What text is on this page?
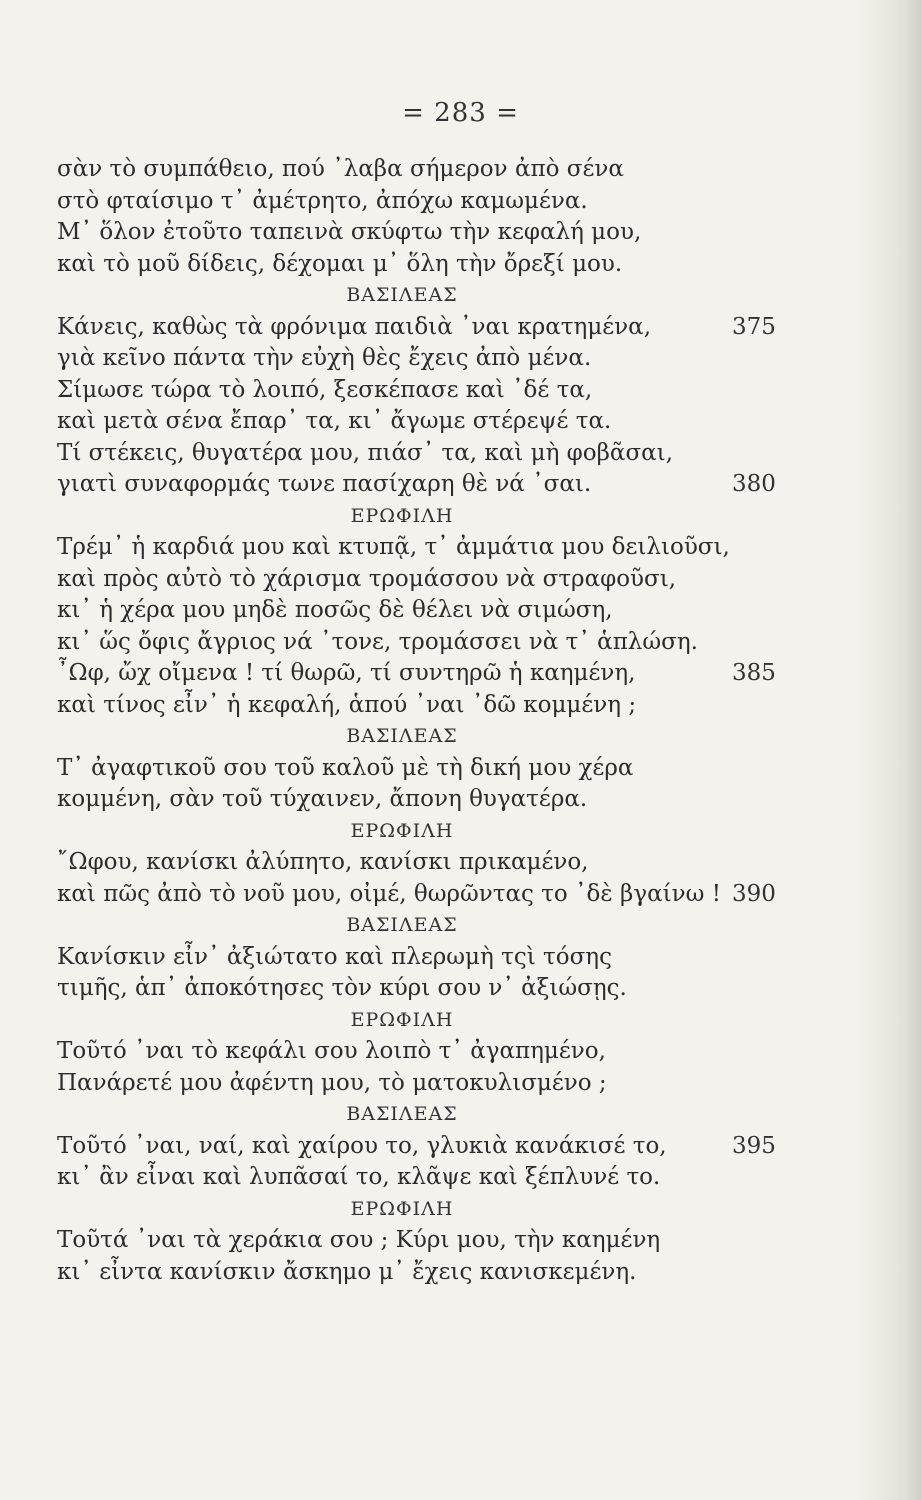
= 283 =
σὰν τὸ συμπάθειο, πού ᾿λαβα σήμερον ἀπὸ σένα
στὸ φταίσιμο τ᾿ ἀμέτρητο, ἀπόχω καμωμένα.
Μ᾿ ὅλον ἐτοῦτο ταπεινὰ σκύφτω τὴν κεφαλή μου,
καὶ τὸ μοῦ δίδεις, δέχομαι μ᾿ ὅλη τὴν ὄρεξί μου.
ΒΑΣΙΛΕΑΣ
Κάνεις, καθὼς τὰ φρόνιμα παιδιὰ ᾿ναι κρατημένα,	375
γιὰ κεῖνο πάντα τὴν εὐχὴ θὲς ἔχεις ἀπὸ μένα.
Σίμωσε τώρα τὸ λοιπό, ξεσκέπασε καὶ ᾿δέ τα,
καὶ μετὰ σένα ἔπαρ᾿ τα, κι᾿ ἄγωμε στέρεψέ τα.
Τί στέκεις, θυγατέρα μου, πιάσ᾿ τα, καὶ μὴ φοβᾶσαι,
γιατὶ συναφορμάς τωνε πασίχαρη θὲ νά ᾿σαι.	380
ΕΡΩΦΙΛΗ
Τρέμ᾿ ἡ καρδιά μου καὶ κτυπᾷ, τ᾿ ἀμμάτια μου δειλιοῦσι,
καὶ πρὸς αὐτὸ τὸ χάρισμα τρομάσσου νὰ στραφοῦσι,
κι᾿ ἡ χέρα μου μηδὲ ποσῶς δὲ θέλει νὰ σιμώση,
κι᾿ ὥς ὄφις ἄγριος νά ᾿τονε, τρομάσσει νὰ τ᾿ ἁπλώση.
῏Ωφ, ὤχ οἴμενα ! τί θωρῶ, τί συντηρῶ ἡ καημένη,	385
καὶ τίνος εἶν᾿ ἡ κεφαλή, ἁπού ᾿ναι ᾿δῶ κομμένη ;
ΒΑΣΙΛΕΑΣ
Τ᾿ ἀγαφτικοῦ σου τοῦ καλοῦ μὲ τὴ δική μου χέρα
κομμένη, σὰν τοῦ τύχαινεν, ἄπονη θυγατέρα.
ΕΡΩΦΙΛΗ
῎Ωφου, κανίσκι ἀλύπητο, κανίσκι πρικαμένο,
καὶ πῶς ἀπὸ τὸ νοῦ μου, οἰμέ, θωρῶντας το ᾿δὲ βγαίνω ! 390
ΒΑΣΙΛΕΑΣ
Κανίσκιν εἶν᾿ ἀξιώτατο καὶ πλερωμὴ τςὶ τόσης
τιμῆς, ἁπ᾿ ἀποκότησες τὸν κύρι σου ν᾿ ἀξιώσῃς.
ΕΡΩΦΙΛΗ
Τοῦτό ᾿ναι τὸ κεφάλι σου λοιπὸ τ᾿ ἀγαπημένο,
Πανάρετέ μου ἀφέντη μου, τὸ ματοκυλισμένο ;
ΒΑΣΙΛΕΑΣ
Τοῦτό ᾿ναι, ναί, καὶ χαίρου το, γλυκιὰ κανάκισέ το,	395
κι᾿ ἂν εἶναι καὶ λυπᾶσαί το, κλᾶψε καὶ ξέπλυνέ το.
ΕΡΩΦΙΛΗ
Τοῦτά ᾿ναι τὰ χεράκια σου ; Κύρι μου, τὴν καημένη
κι᾿ εἶντα κανίσκιν ἄσκημο μ᾿ ἔχεις κανισκεμένη.
